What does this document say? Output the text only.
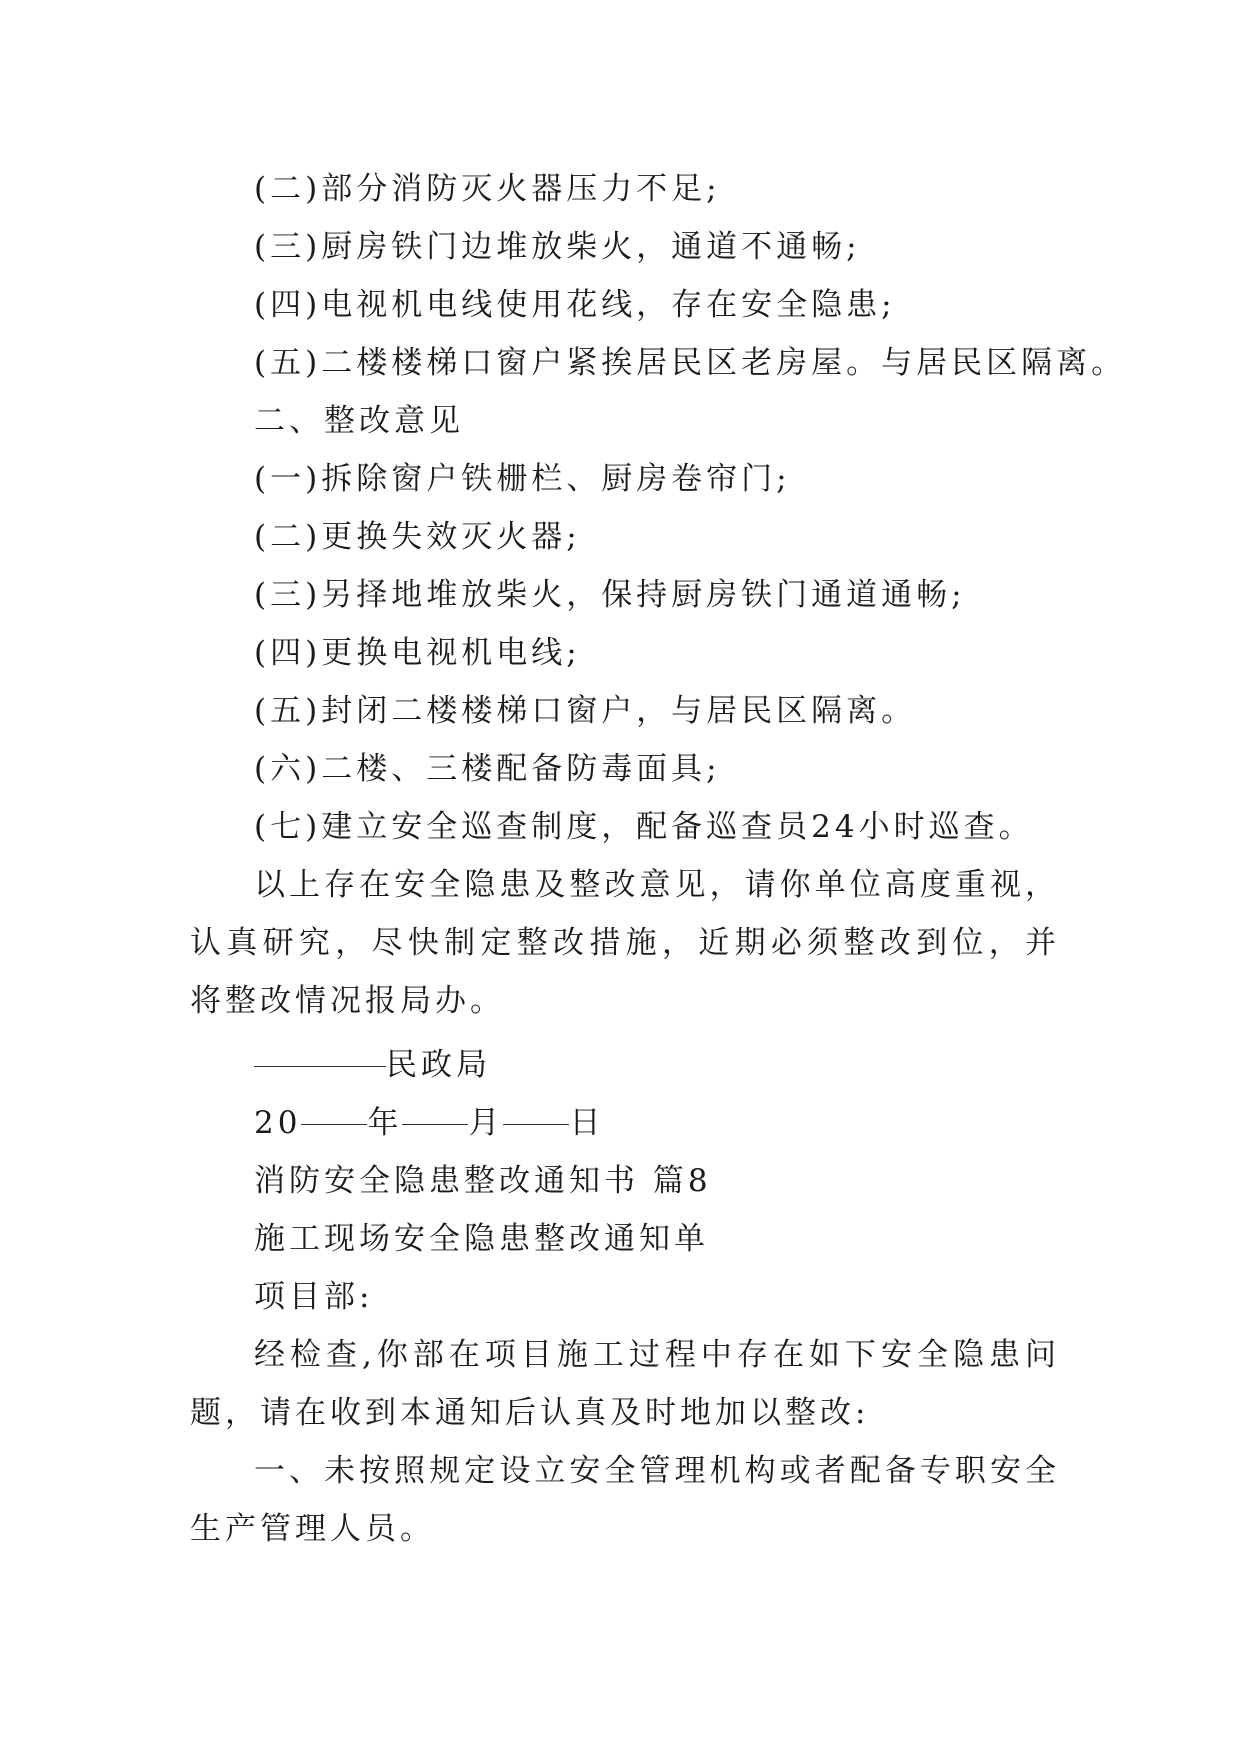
(二)部分消防灭火器压力不足;
(三)厨房铁门边堆放柴火，通道不通畅;
(四)电视机电线使用花线，存在安全隐患;
(五)二楼楼梯口窗户紧挨居民区老房屋。与居民区隔离。
二、整改意见
(一)拆除窗户铁栅栏、厨房卷帘门;
(二)更换失效灭火器;
(三)另择地堆放柴火，保持厨房铁门通道通畅;
(四)更换电视机电线;
(五)封闭二楼楼梯口窗户，与居民区隔离。
(六)二楼、三楼配备防毒面具;
(七)建立安全巡查制度，配备巡查员24小时巡查。
以上存在安全隐患及整改意见，请你单位高度重视，认真研究，尽快制定整改措施，近期必须整改到位，并将整改情况报局办。
民政局
20 年 月 日
消防安全隐患整改通知书 篇8
施工现场安全隐患整改通知单
项目部:
经检查,你部在项目施工过程中存在如下安全隐患问题，请在收到本通知后认真及时地加以整改:
一、未按照规定设立安全管理机构或者配备专职安全生产管理人员。
